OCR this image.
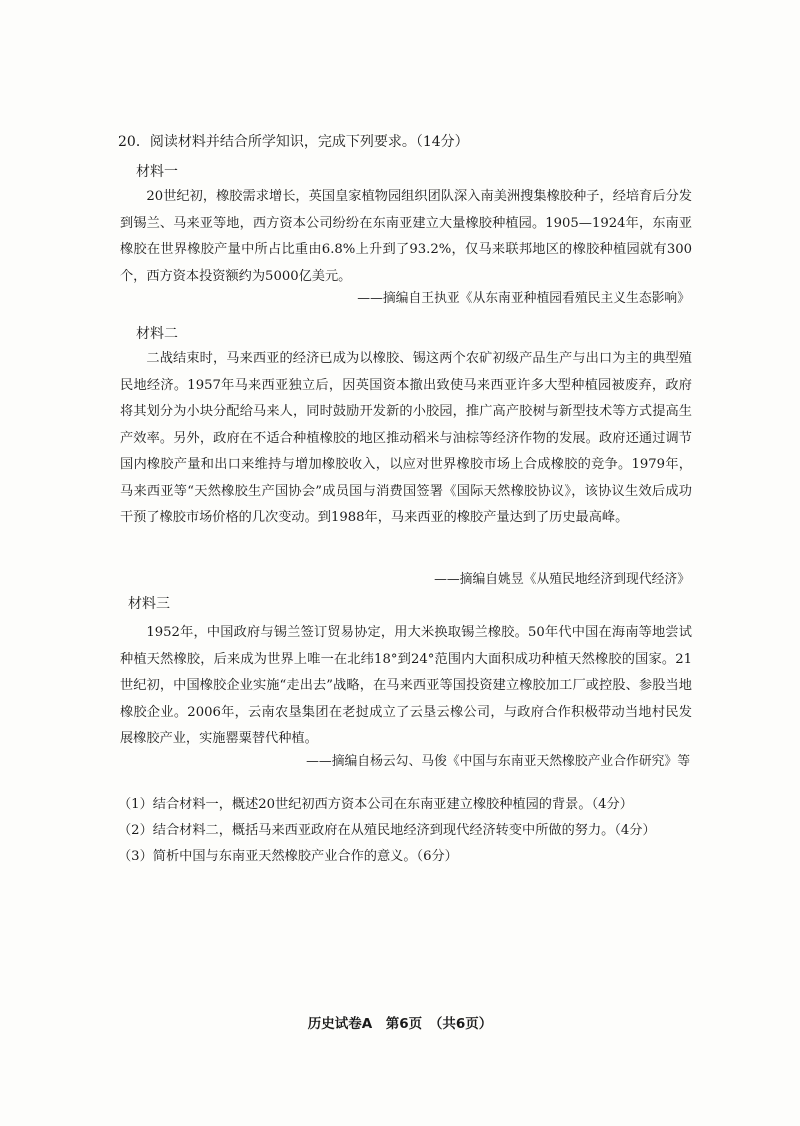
20．阅读材料并结合所学知识，完成下列要求。（14分）
材料一

20世纪初，橡胶需求增长，英国皇家植物园组织团队深入南美洲搜集橡胶种子，经培育后分发到锡兰、马来亚等地，西方资本公司纷纷在东南亚建立大量橡胶种植园。1905—1924年，东南亚橡胶在世界橡胶产量中所占比重由6.8%上升到了93.2%，仅马来联邦地区的橡胶种植园就有300个，西方资本投资额约为5000亿美元。

——摘编自王执亚《从东南亚种植园看殖民主义生态影响》
材料二

二战结束时，马来西亚的经济已成为以橡胶、锡这两个农矿初级产品生产与出口为主的典型殖民地经济。1957年马来西亚独立后，因英国资本撤出致使马来西亚许多大型种植园被废弃，政府将其划分为小块分配给马来人，同时鼓励开发新的小胶园，推广高产胶树与新型技术等方式提高生产效率。另外，政府在不适合种植橡胶的地区推动稻米与油棕等经济作物的发展。政府还通过调节国内橡胶产量和出口来维持与增加橡胶收入，以应对世界橡胶市场上合成橡胶的竞争。1979年，马来西亚等“天然橡胶生产国协会”成员国与消费国签署《国际天然橡胶协议》，该协议生效后成功干预了橡胶市场价格的几次变动。到1988年，马来西亚的橡胶产量达到了历史最高峰。

——摘编自姚昱《从殖民地经济到现代经济》
材料三

1952年，中国政府与锡兰签订贸易协定，用大米换取锡兰橡胶。50年代中国在海南等地尝试种植天然橡胶，后来成为世界上唯一在北纬18°到24°范围内大面积成功种植天然橡胶的国家。21世纪初，中国橡胶企业实施“走出去”战略，在马来西亚等国投资建立橡胶加工厂或控股、参股当地橡胶企业。2006年，云南农垦集团在老挝成立了云垦云橡公司，与政府合作积极带动当地村民发展橡胶产业，实施罂粟替代种植。

——摘编自杨云勾、马俊《中国与东南亚天然橡胶产业合作研究》等
（1）结合材料一，概述20世纪初西方资本公司在东南亚建立橡胶种植园的背景。（4分）
（2）结合材料二，概括马来西亚政府在从殖民地经济到现代经济转变中所做的努力。（4分）
（3）简析中国与东南亚天然橡胶产业合作的意义。（6分）
历史试卷A　第6页　（共6页）
